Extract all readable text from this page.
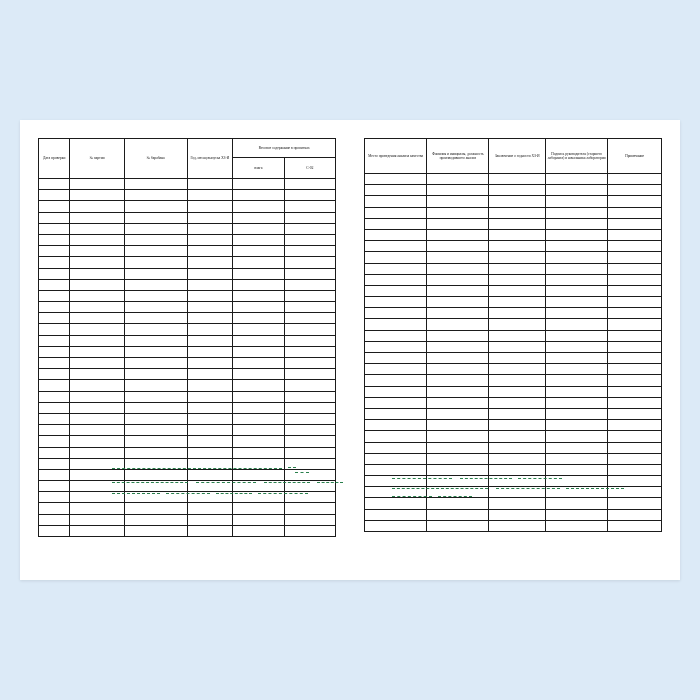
Дата проверки	№ партии	№ барабана	Год, месяц выпуска ХЗ-И	Весовое содержание в пропитках	
				влага	С-02

Место проведения анализа качества	Фамилия и инициалы, должность производившего анализ	Заключение о годности ХЗ-И	Подпись руководителя (старшего лаборанта) и начальника лаборатории	Примечание
